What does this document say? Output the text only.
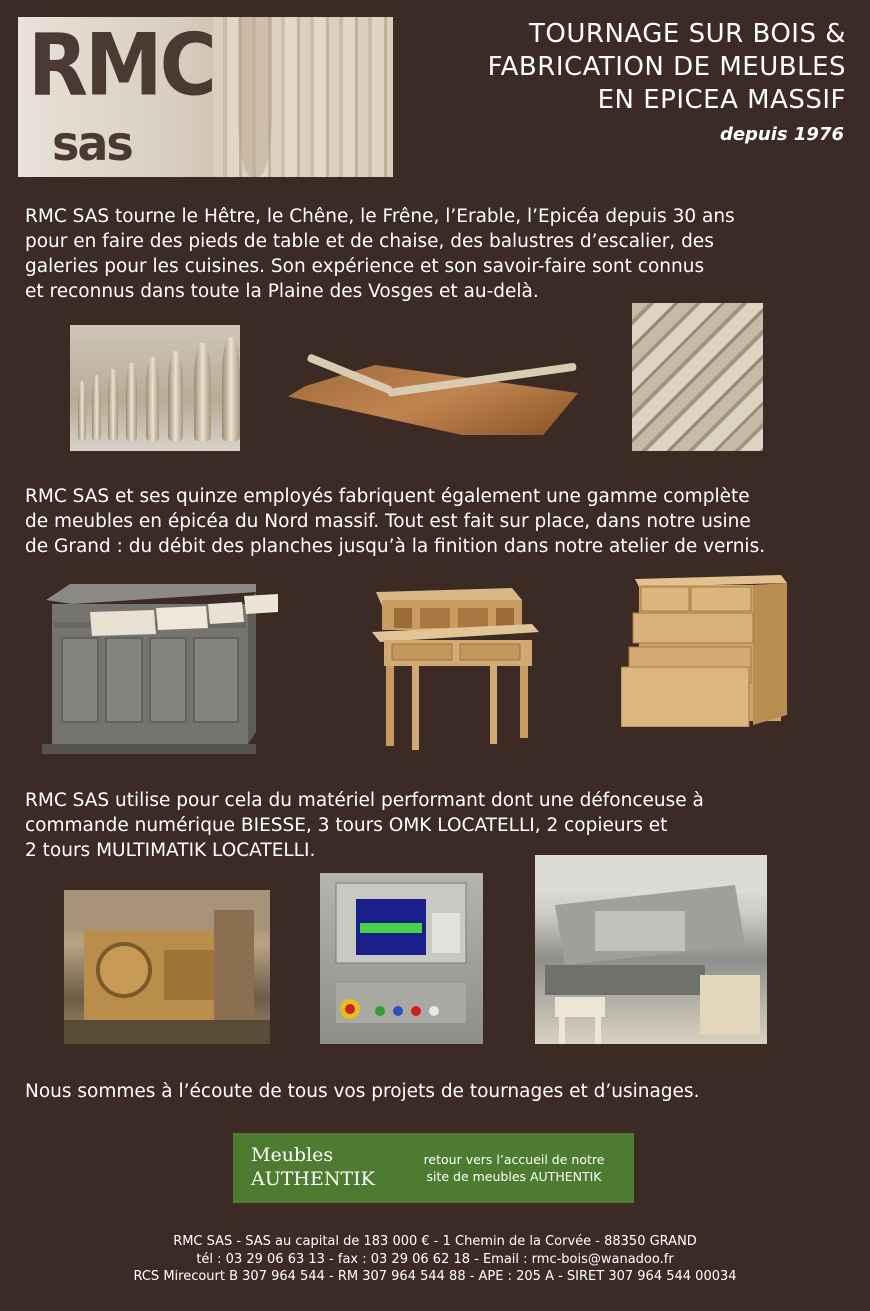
RMC
sas
TOURNAGE SUR BOIS &
FABRICATION DE MEUBLES
EN EPICEA MASSIF
depuis 1976
RMC SAS tourne le Hêtre, le Chêne, le Frêne, l’Erable, l’Epicéa depuis 30 ans
pour en faire des pieds de table et de chaise, des balustres d’escalier, des
galeries pour les cuisines. Son expérience et son savoir-faire sont connus
et reconnus dans toute la Plaine des Vosges et au-delà.
RMC SAS et ses quinze employés fabriquent également une gamme complète
de meubles en épicéa du Nord massif. Tout est fait sur place, dans notre usine
de Grand : du débit des planches jusqu’à la finition dans notre atelier de vernis.
RMC SAS utilise pour cela du matériel performant dont une défonceuse à
commande numérique BIESSE, 3 tours OMK LOCATELLI, 2 copieurs et
2 tours MULTIMATIK LOCATELLI.
Nous sommes à l’écoute de tous vos projets de tournages et d’usinages.
Meubles
AUTHENTIK
retour vers l’accueil de notre
site de meubles AUTHENTIK
RMC SAS - SAS au capital de 183 000 € - 1 Chemin de la Corvée - 88350 GRAND
tél : 03 29 06 63 13 - fax : 03 29 06 62 18 - Email : rmc-bois@wanadoo.fr
RCS Mirecourt B 307 964 544 - RM 307 964 544 88 - APE : 205 A - SIRET 307 964 544 00034
